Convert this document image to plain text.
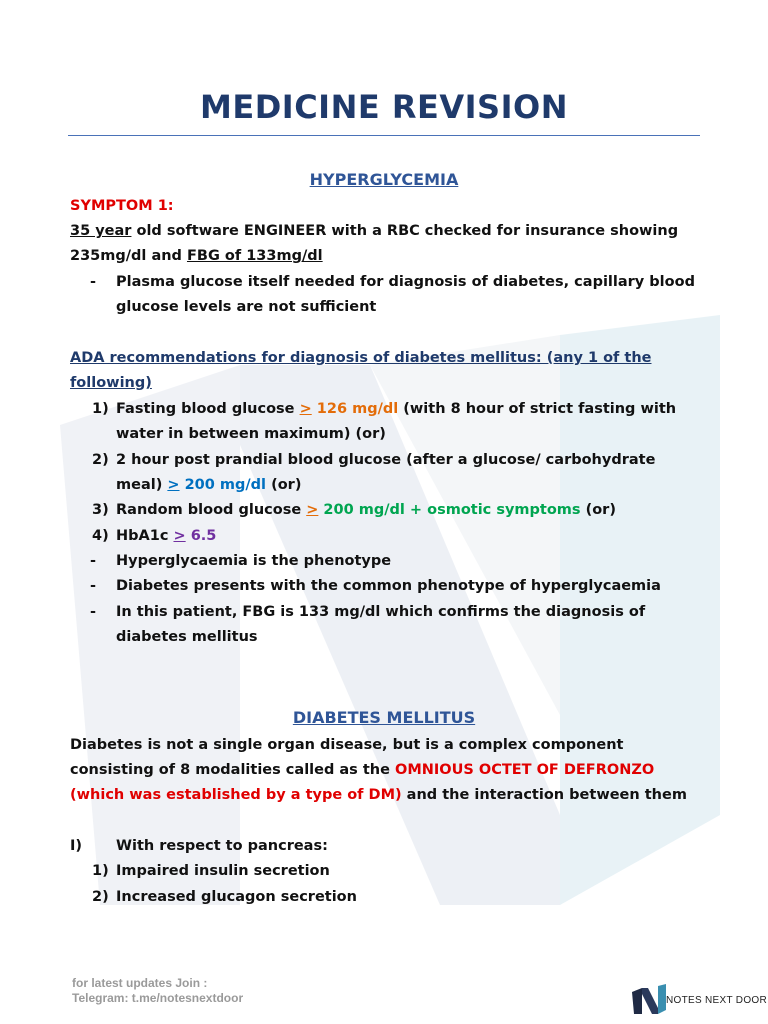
MEDICINE REVISION
HYPERGLYCEMIA
SYMPTOM 1:
35 year old software ENGINEER with a RBC checked for insurance showing
235mg/dl and FBG of 133mg/dl
- Plasma glucose itself needed for diagnosis of diabetes, capillary blood
glucose levels are not sufficient
ADA recommendations for diagnosis of diabetes mellitus: (any 1 of the
following)
1) Fasting blood glucose > 126 mg/dl (with 8 hour of strict fasting with
water in between maximum) (or)
2) 2 hour post prandial blood glucose (after a glucose/ carbohydrate
meal) > 200 mg/dl (or)
3) Random blood glucose > 200 mg/dl + osmotic symptoms (or)
4) HbA1c > 6.5
- Hyperglycaemia is the phenotype
- Diabetes presents with the common phenotype of hyperglycaemia
- In this patient, FBG is 133 mg/dl which confirms the diagnosis of
diabetes mellitus
DIABETES MELLITUS
Diabetes is not a single organ disease, but is a complex component
consisting of 8 modalities called as the OMNIOUS OCTET OF DEFRONZO
(which was established by a type of DM) and the interaction between them
I) With respect to pancreas:
1) Impaired insulin secretion
2) Increased glucagon secretion
for latest updates Join :
Telegram: t.me/notesnextdoor	NOTES NEXT DOOR
